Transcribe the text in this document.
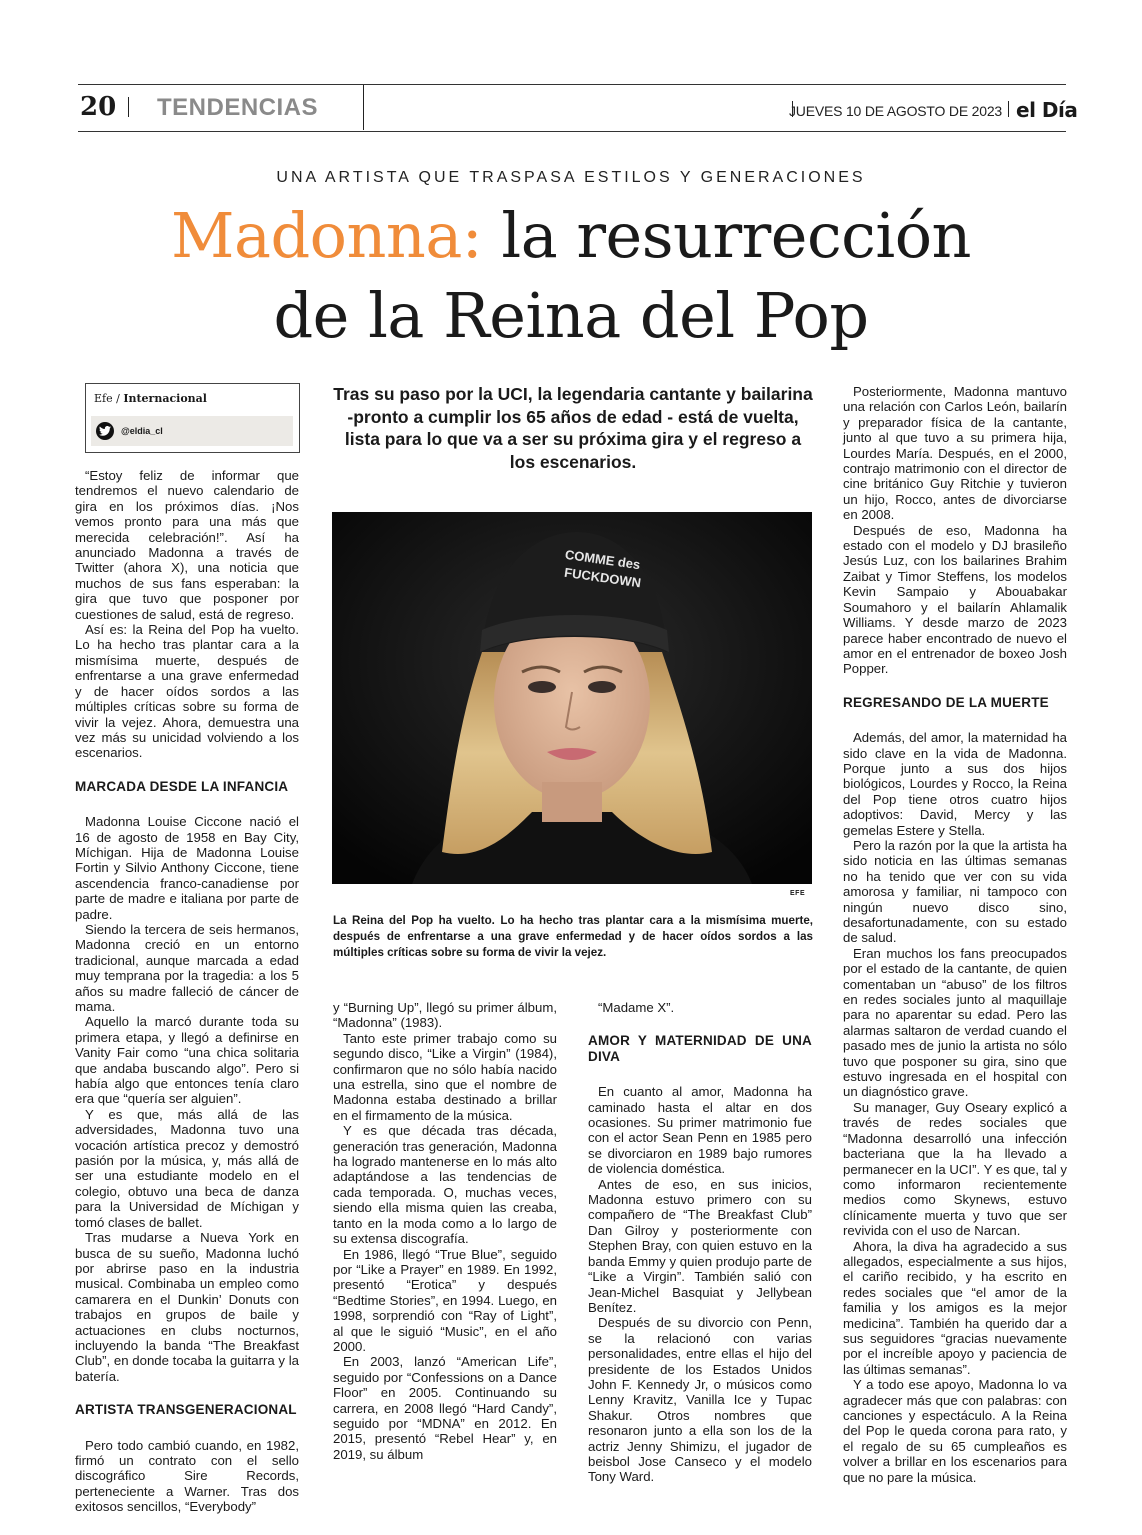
20 TENDENCIAS	JUEVES 10 DE AGOSTO DE 2023 el Día
UNA ARTISTA QUE TRASPASA ESTILOS Y GENERACIONES
Madonna: la resurrección
de la Reina del Pop
Efe / Internacional
@eldia_cl

“Estoy feliz de informar que tendremos el nuevo calendario de gira en los próximos días. ¡Nos vemos pronto para una más que merecida celebración!”. Así ha anunciado Madonna a través de Twitter (ahora X), una noticia que muchos de sus fans esperaban: la gira que tuvo que posponer por cuestiones de salud, está de regreso.

Así es: la Reina del Pop ha vuelto. Lo ha hecho tras plantar cara a la mismísima muerte, después de enfrentarse a una grave enfermedad y de hacer oídos sordos a las múltiples críticas sobre su forma de vivir la vejez. Ahora, demuestra una vez más su unicidad volviendo a los escenarios.

MARCADA DESDE LA INFANCIA

Madonna Louise Ciccone nació el 16 de agosto de 1958 en Bay City, Míchigan. Hija de Madonna Louise Fortin y Silvio Anthony Ciccone, tiene ascendencia franco-canadiense por parte de madre e italiana por parte de padre.

Siendo la tercera de seis hermanos, Madonna creció en un entorno tradicional, aunque marcada a edad muy temprana por la tragedia: a los 5 años su madre falleció de cáncer de mama.

Aquello la marcó durante toda su primera etapa, y llegó a definirse en Vanity Fair como “una chica solitaria que andaba buscando algo”. Pero si había algo que entonces tenía claro era que “quería ser alguien”.

Y es que, más allá de las adversidades, Madonna tuvo una vocación artística precoz y demostró pasión por la música, y, más allá de ser una estudiante modelo en el colegio, obtuvo una beca de danza para la Universidad de Míchigan y tomó clases de ballet.

Tras mudarse a Nueva York en busca de su sueño, Madonna luchó por abrirse paso en la industria musical. Combinaba un empleo como camarera en el Dunkin’ Donuts con trabajos en grupos de baile y actuaciones en clubs nocturnos, incluyendo la banda “The Breakfast Club”, en donde tocaba la guitarra y la batería.

ARTISTA TRANSGENERACIONAL

Pero todo cambió cuando, en 1982, firmó un contrato con el sello discográfico Sire Records, perteneciente a Warner. Tras dos exitosos sencillos, “Everybody”

Tras su paso por la UCI, la legendaria cantante y bailarina -pronto a cumplir los 65 años de edad - está de vuelta, lista para lo que va a ser su próxima gira y el regreso a los escenarios.
COMME des
FUCKDOWN
EFE
La Reina del Pop ha vuelto. Lo ha hecho tras plantar cara a la mismísima muerte, después de enfrentarse a una grave enfermedad y de hacer oídos sordos a las múltiples críticas sobre su forma de vivir la vejez.

y “Burning Up”, llegó su primer álbum, “Madonna” (1983).

Tanto este primer trabajo como su segundo disco, “Like a Virgin” (1984), confirmaron que no sólo había nacido una estrella, sino que el nombre de Madonna estaba destinado a brillar en el firmamento de la música.

Y es que década tras década, generación tras generación, Madonna ha logrado mantenerse en lo más alto adaptándose a las tendencias de cada temporada. O, muchas veces, siendo ella misma quien las creaba, tanto en la moda como a lo largo de su extensa discografía.

En 1986, llegó “True Blue”, seguido por “Like a Prayer” en 1989. En 1992, presentó “Erotica” y después “Bedtime Stories”, en 1994. Luego, en 1998, sorprendió con “Ray of Light”, al que le siguió “Music”, en el año 2000.

En 2003, lanzó “American Life”, seguido por “Confessions on a Dance Floor” en 2005. Continuando su carrera, en 2008 llegó “Hard Candy”, seguido por “MDNA” en 2012. En 2015, presentó “Rebel Hear” y, en 2019, su álbum

“Madame X”.

AMOR Y MATERNIDAD DE UNA DIVA

En cuanto al amor, Madonna ha caminado hasta el altar en dos ocasiones. Su primer matrimonio fue con el actor Sean Penn en 1985 pero se divorciaron en 1989 bajo rumores de violencia doméstica.

Antes de eso, en sus inicios, Madonna estuvo primero con su compañero de “The Breakfast Club” Dan Gilroy y posteriormente con Stephen Bray, con quien estuvo en la banda Emmy y quien produjo parte de “Like a Virgin”. También salió con Jean-Michel Basquiat y Jellybean Benítez.

Después de su divorcio con Penn, se la relacionó con varias personalidades, entre ellas el hijo del presidente de los Estados Unidos John F. Kennedy Jr, o músicos como Lenny Kravitz, Vanilla Ice y Tupac Shakur. Otros nombres que resonaron junto a ella son los de la actriz Jenny Shimizu, el jugador de beisbol Jose Canseco y el modelo Tony Ward.

Posteriormente, Madonna mantuvo una relación con Carlos León, bailarín y preparador física de la cantante, junto al que tuvo a su primera hija, Lourdes María. Después, en el 2000, contrajo matrimonio con el director de cine británico Guy Ritchie y tuvieron un hijo, Rocco, antes de divorciarse en 2008.

Después de eso, Madonna ha estado con el modelo y DJ brasileño Jesús Luz, con los bailarines Brahim Zaibat y Timor Steffens, los modelos Kevin Sampaio y Abouabakar Soumahoro y el bailarín Ahlamalik Williams. Y desde marzo de 2023 parece haber encontrado de nuevo el amor en el entrenador de boxeo Josh Popper.

REGRESANDO DE LA MUERTE

Además, del amor, la maternidad ha sido clave en la vida de Madonna. Porque junto a sus dos hijos biológicos, Lourdes y Rocco, la Reina del Pop tiene otros cuatro hijos adoptivos: David, Mercy y las gemelas Estere y Stella.

Pero la razón por la que la artista ha sido noticia en las últimas semanas no ha tenido que ver con su vida amorosa y familiar, ni tampoco con ningún nuevo disco sino, desafortunadamente, con su estado de salud.

Eran muchos los fans preocupados por el estado de la cantante, de quien comentaban un “abuso” de los filtros en redes sociales junto al maquillaje para no aparentar su edad. Pero las alarmas saltaron de verdad cuando el pasado mes de junio la artista no sólo tuvo que posponer su gira, sino que estuvo ingresada en el hospital con un diagnóstico grave.

Su manager, Guy Oseary explicó a través de redes sociales que “Madonna desarrolló una infección bacteriana que la ha llevado a permanecer en la UCI”. Y es que, tal y como informaron recientemente medios como Skynews, estuvo clínicamente muerta y tuvo que ser revivida con el uso de Narcan.

Ahora, la diva ha agradecido a sus allegados, especialmente a sus hijos, el cariño recibido, y ha escrito en redes sociales que “el amor de la familia y los amigos es la mejor medicina”. También ha querido dar a sus seguidores “gracias nuevamente por el increíble apoyo y paciencia de las últimas semanas”.

Y a todo ese apoyo, Madonna lo va agradecer más que con palabras: con canciones y espectáculo. A la Reina del Pop le queda corona para rato, y el regalo de su 65 cumpleaños es volver a brillar en los escenarios para que no pare la música.
